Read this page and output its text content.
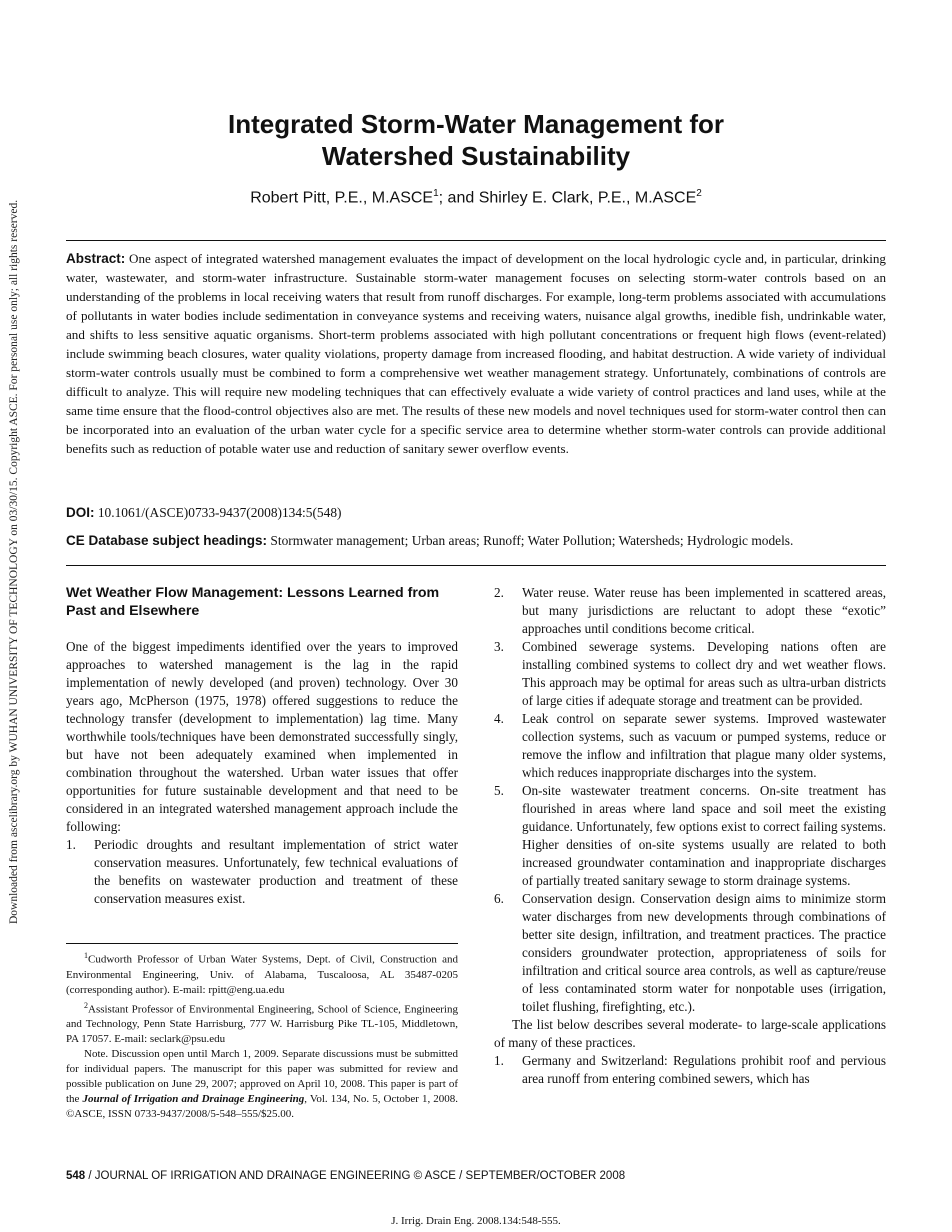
Downloaded from ascelibrary.org by WUHAN UNIVERSITY OF TECHNOLOGY on 03/30/15. Copyright ASCE. For personal use only; all rights reserved.
Integrated Storm-Water Management for
Watershed Sustainability
Robert Pitt, P.E., M.ASCE$^1$; and Shirley E. Clark, P.E., M.ASCE$^2$
Abstract: One aspect of integrated watershed management evaluates the impact of development on the local hydrologic cycle and, in particular, drinking water, wastewater, and storm-water infrastructure. Sustainable storm-water management focuses on selecting storm-water controls based on an understanding of the problems in local receiving waters that result from runoff discharges. For example, long-term problems associated with accumulations of pollutants in water bodies include sedimentation in conveyance systems and receiving waters, nuisance algal growths, inedible fish, undrinkable water, and shifts to less sensitive aquatic organisms. Short-term problems associated with high pollutant concentrations or frequent high flows (event-related) include swimming beach closures, water quality violations, property damage from increased flooding, and habitat destruction. A wide variety of individual storm-water controls usually must be combined to form a comprehensive wet weather management strategy. Unfortunately, combinations of controls are difficult to analyze. This will require new modeling techniques that can effectively evaluate a wide variety of control practices and land uses, while at the same time ensure that the flood-control objectives also are met. The results of these new models and novel techniques used for storm-water control then can be incorporated into an evaluation of the urban water cycle for a specific service area to determine whether storm-water controls can provide additional benefits such as reduction of potable water use and reduction of sanitary sewer overflow events.
DOI: 10.1061/(ASCE)0733-9437(2008)134:5(548)
CE Database subject headings: Stormwater management; Urban areas; Runoff; Water Pollution; Watersheds; Hydrologic models.
Wet Weather Flow Management: Lessons Learned from Past and Elsewhere

One of the biggest impediments identified over the years to improved approaches to watershed management is the lag in the rapid implementation of newly developed (and proven) technology. Over 30 years ago, McPherson (1975, 1978) offered suggestions to reduce the technology transfer (development to implementation) lag time. Many worthwhile tools/techniques have been demonstrated successfully singly, but have not been adequately examined when implemented in combination throughout the watershed. Urban water issues that offer opportunities for future sustainable development and that need to be considered in an integrated watershed management approach include the following:

1. Periodic droughts and resultant implementation of strict water conservation measures. Unfortunately, few technical evaluations of the benefits on wastewater production and treatment of these conservation measures exist.

$^1$Cudworth Professor of Urban Water Systems, Dept. of Civil, Construction and Environmental Engineering, Univ. of Alabama, Tuscaloosa, AL 35487-0205 (corresponding author). E-mail: rpitt@eng.ua.edu

$^2$Assistant Professor of Environmental Engineering, School of Science, Engineering and Technology, Penn State Harrisburg, 777 W. Harrisburg Pike TL-105, Middletown, PA 17057. E-mail: seclark@psu.edu

Note. Discussion open until March 1, 2009. Separate discussions must be submitted for individual papers. The manuscript for this paper was submitted for review and possible publication on June 29, 2007; approved on April 10, 2008. This paper is part of the Journal of Irrigation and Drainage Engineering, Vol. 134, No. 5, October 1, 2008. ©ASCE, ISSN 0733-9437/2008/5-548–555/$25.00.

2. Water reuse. Water reuse has been implemented in scattered areas, but many jurisdictions are reluctant to adopt these “exotic” approaches until conditions become critical.
3. Combined sewerage systems. Developing nations often are installing combined systems to collect dry and wet weather flows. This approach may be optimal for areas such as ultra-urban districts of large cities if adequate storage and treatment can be provided.
4. Leak control on separate sewer systems. Improved wastewater collection systems, such as vacuum or pumped systems, reduce or remove the inflow and infiltration that plague many older systems, which reduces inappropriate discharges into the system.
5. On-site wastewater treatment concerns. On-site treatment has flourished in areas where land space and soil meet the existing guidance. Unfortunately, few options exist to correct failing systems. Higher densities of on-site systems usually are related to both increased groundwater contamination and inappropriate discharges of partially treated sanitary sewage to storm drainage systems.
6. Conservation design. Conservation design aims to minimize storm water discharges from new developments through combinations of better site design, infiltration, and treatment practices. The practice considers groundwater protection, appropriateness of soils for infiltration and critical source area controls, as well as capture/reuse of less contaminated storm water for nonpotable uses (irrigation, toilet flushing, firefighting, etc.).

The list below describes several moderate- to large-scale applications of many of these practices.

1. Germany and Switzerland: Regulations prohibit roof and pervious area runoff from entering combined sewers, which has
548 / JOURNAL OF IRRIGATION AND DRAINAGE ENGINEERING © ASCE / SEPTEMBER/OCTOBER 2008
J. Irrig. Drain Eng. 2008.134:548-555.
